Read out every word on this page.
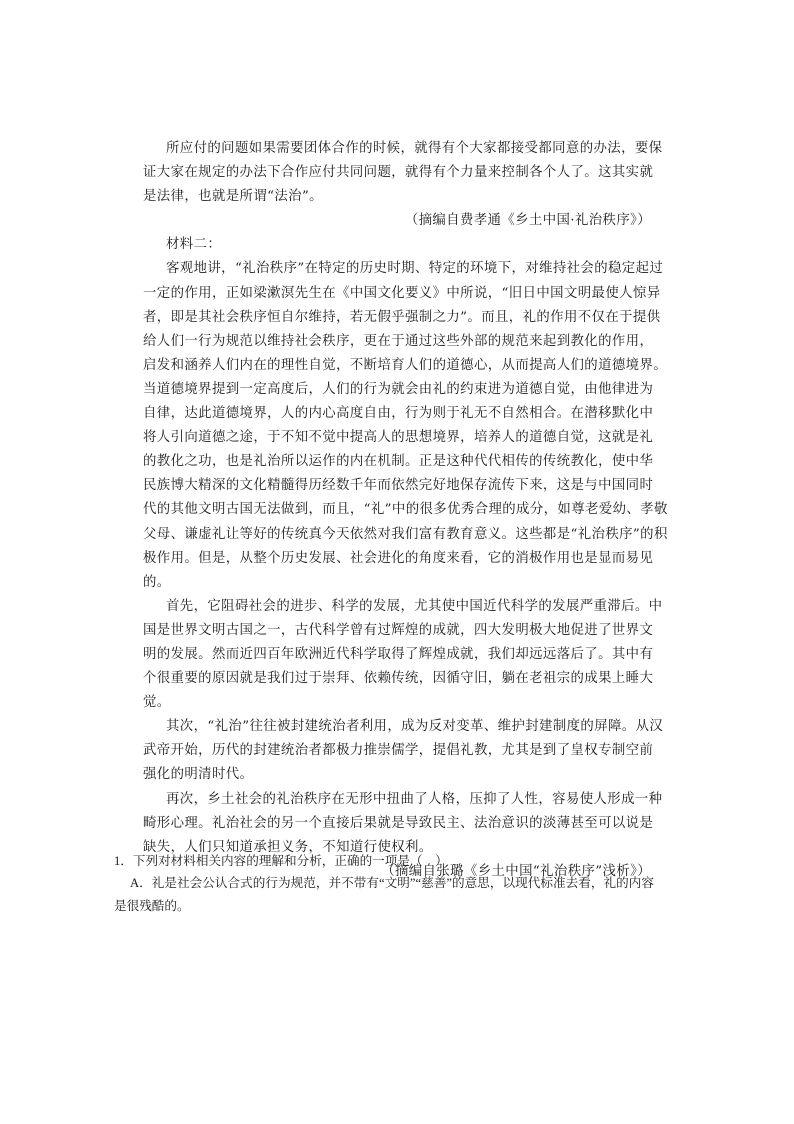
所应付的问题如果需要团体合作的时候，就得有个大家都接受都同意的办法，要保
证大家在规定的办法下合作应付共同问题，就得有个力量来控制各个人了。这其实就
是法律，也就是所谓“法治”。
（摘编自费孝通《乡土中国·礼治秩序》）
材料二：
客观地讲，“礼治秩序”在特定的历史时期、特定的环境下，对维持社会的稳定起过
一定的作用，正如梁漱溟先生在《中国文化要义》中所说，“旧日中国文明最使人惊异
者，即是其社会秩序恒自尔维持，若无假乎强制之力”。而且，礼的作用不仅在于提供
给人们一行为规范以维持社会秩序，更在于通过这些外部的规范来起到教化的作用，
启发和涵养人们内在的理性自觉，不断培育人们的道德心，从而提高人们的道德境界。
当道德境界提到一定高度后，人们的行为就会由礼的约束进为道德自觉，由他律进为
自律，达此道德境界，人的内心高度自由，行为则于礼无不自然相合。在潜移默化中
将人引向道德之途，于不知不觉中提高人的思想境界，培养人的道德自觉，这就是礼
的教化之功，也是礼治所以运作的内在机制。正是这种代代相传的传统教化，使中华
民族博大精深的文化精髓得历经数千年而依然完好地保存流传下来，这是与中国同时
代的其他文明古国无法做到，而且，“礼”中的很多优秀合理的成分，如尊老爱幼、孝敬
父母、谦虚礼让等好的传统真今天依然对我们富有教育意义。这些都是“礼治秩序”的积
极作用。但是，从整个历史发展、社会进化的角度来看，它的消极作用也是显而易见
的。
首先，它阻碍社会的进步、科学的发展，尤其使中国近代科学的发展严重滞后。中
国是世界文明古国之一，古代科学曾有过辉煌的成就，四大发明极大地促进了世界文
明的发展。然而近四百年欧洲近代科学取得了辉煌成就，我们却远远落后了。其中有
个很重要的原因就是我们过于崇拜、依赖传统，因循守旧，躺在老祖宗的成果上睡大
觉。
其次，“礼治”往往被封建统治者利用，成为反对变革、维护封建制度的屏障。从汉
武帝开始，历代的封建统治者都极力推崇儒学，提倡礼教，尤其是到了皇权专制空前
强化的明清时代。
再次，乡土社会的礼治秩序在无形中扭曲了人格，压抑了人性，容易使人形成一种
畸形心理。礼治社会的另一个直接后果就是导致民主、法治意识的淡薄甚至可以说是
缺失，人们只知道承担义务，不知道行使权利。
（摘编自张璐《乡土中国“礼治秩序”浅析》）
1．下列对材料相关内容的理解和分析，正确的一项是（　）
A．礼是社会公认合式的行为规范，并不带有“文明”“慈善”的意思，以现代标准去看，礼的内容
是很残酷的。
